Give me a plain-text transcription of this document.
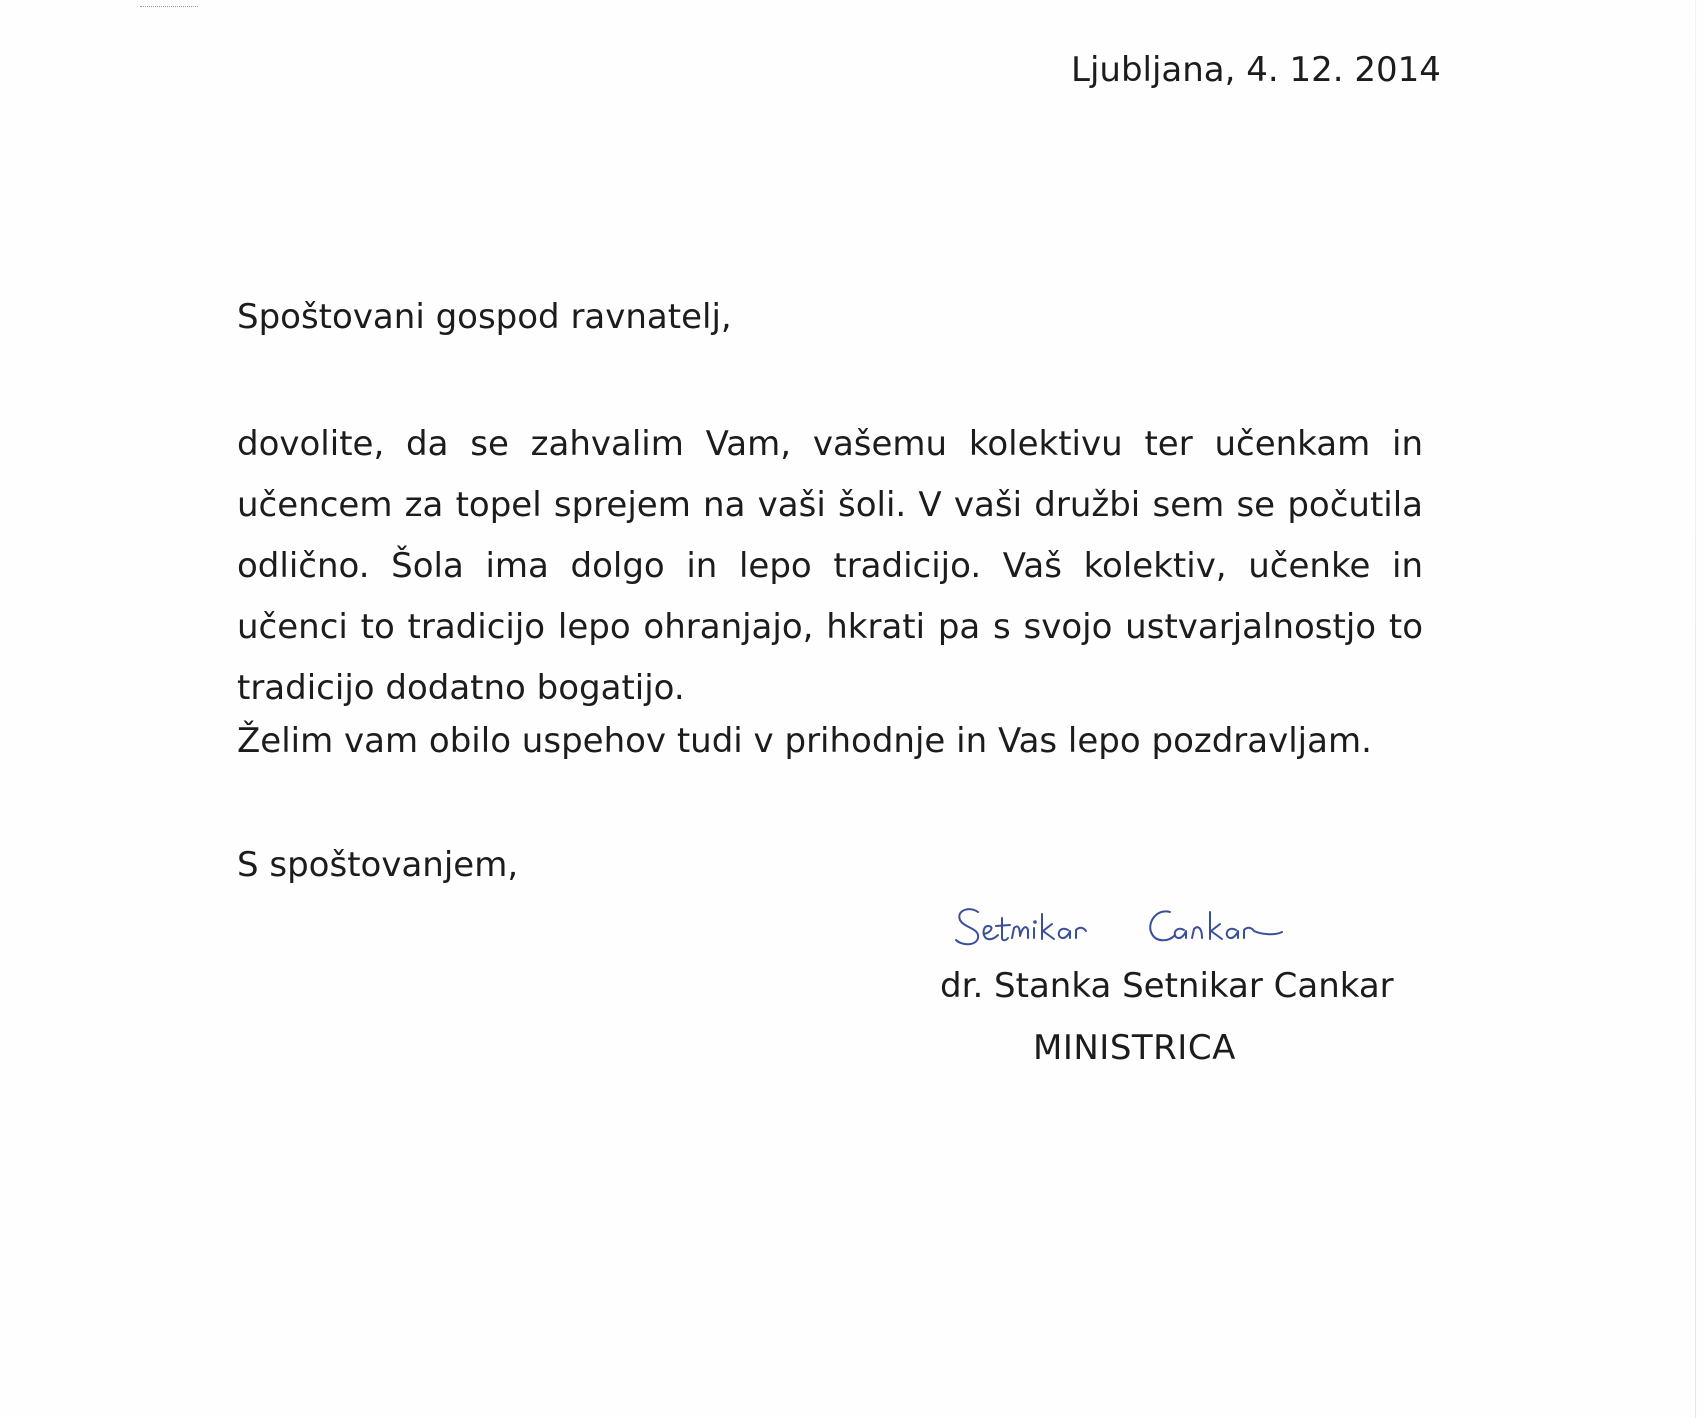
Ljubljana, 4. 12. 2014
Spoštovani gospod ravnatelj,

dovolite, da se zahvalim Vam, vašemu kolektivu ter učenkam in učencem za topel sprejem na vaši šoli. V vaši družbi sem se počutila odlično. Šola ima dolgo in lepo tradicijo. Vaš kolektiv, učenke in učenci to tradicijo lepo ohranjajo, hkrati pa s svojo ustvarjalnostjo to tradicijo dodatno bogatijo.

Želim vam obilo uspehov tudi v prihodnje in Vas lepo pozdravljam.
S spoštovanjem,
dr. Stanka Setnikar Cankar
MINISTRICA
